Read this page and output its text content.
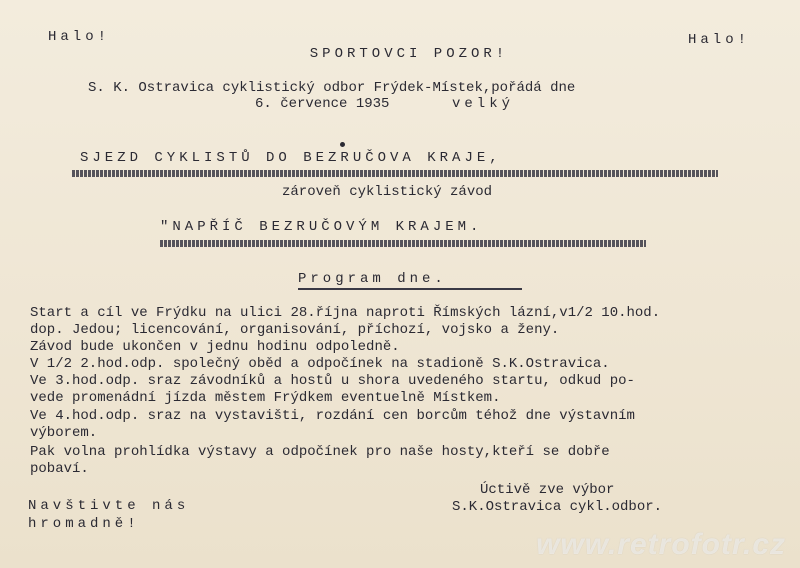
Halo!	Halo!
SPORTOVCI POZOR!
S. K. Ostravica cyklistický odbor Frýdek-Místek,pořádá dne
6. července 1935	velký
SJEZD CYKLISTŮ DO BEZRUČOVA KRAJE,
zároveň cyklistický závod
"NAPŘÍČ BEZRUČOVÝM KRAJEM.
Program dne.
Start a cíl ve Frýdku na ulici 28.října naproti Římských lázní,v1/2 10.hod.
dop. Jedou; licencování, organisování, příchozí, vojsko a ženy.
Závod bude ukončen v jednu hodinu odpoledně.
V 1/2 2.hod.odp. společný oběd a odpočínek na stadioně S.K.Ostravica.
Ve 3.hod.odp. sraz závodníků a hostů u shora uvedeného startu, odkud po-
vede promenádní jízda městem Frýdkem eventuelně Místkem.
Ve 4.hod.odp. sraz na vystavišti, rozdání cen borcům téhož dne výstavním
výborem.
Pak volna prohlídka výstavy a odpočínek pro naše hosty,kteří se dobře
pobaví.
Navštivte nás
hromadně!
Úctivě zve výbor
S.K.Ostravica cykl.odbor.
www.retrofotr.cz
